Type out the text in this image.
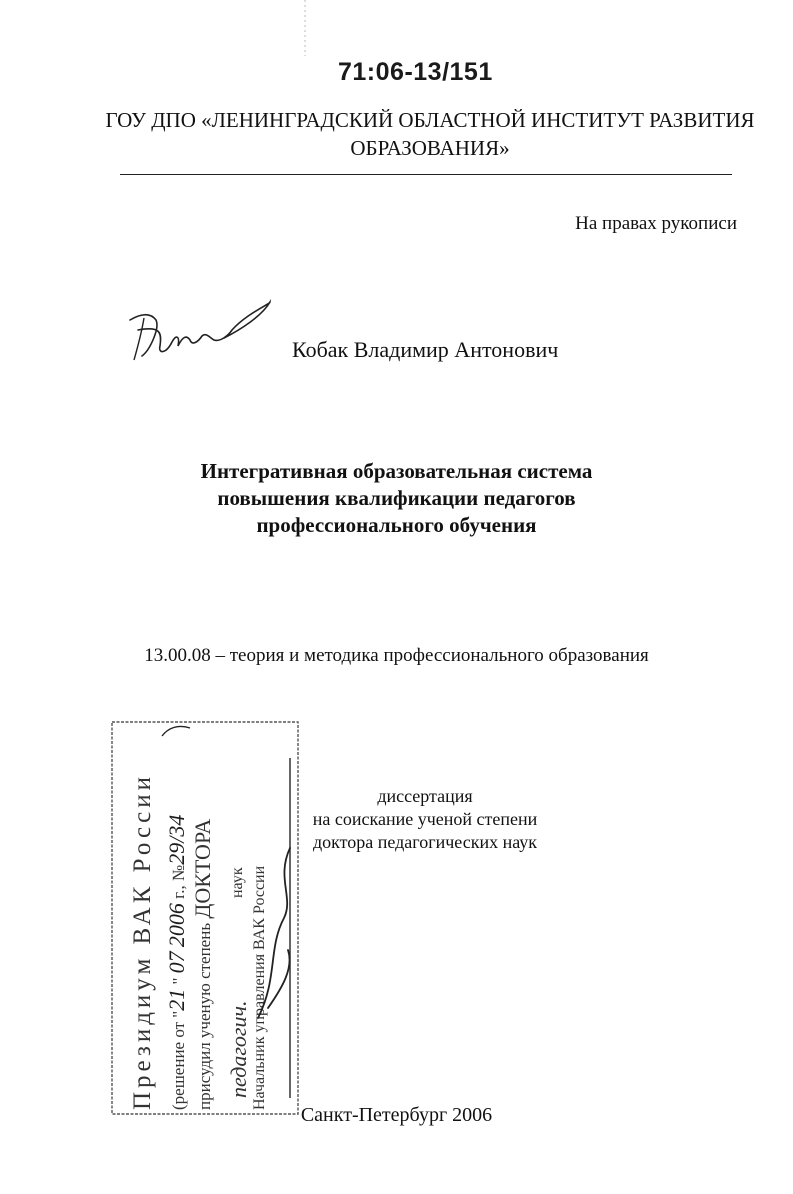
71:06-13/151
ГОУ ДПО «ЛЕНИНГРАДСКИЙ ОБЛАСТНОЙ ИНСТИТУТ РАЗВИТИЯ
ОБРАЗОВАНИЯ»
На правах рукописи
Кобак Владимир Антонович
Интегративная образовательная система
повышения квалификации педагогов
профессионального обучения
13.00.08 – теория и методика профессионального образования
диссертация
на соискание ученой степени
доктора педагогических наук
Президиум ВАК России (решение от "21 " 07 2006 г., №29/34
присудил ученую степень ДОКТОРА
педагогич.
наук Начальник управления ВАК России
Санкт-Петербург 2006
